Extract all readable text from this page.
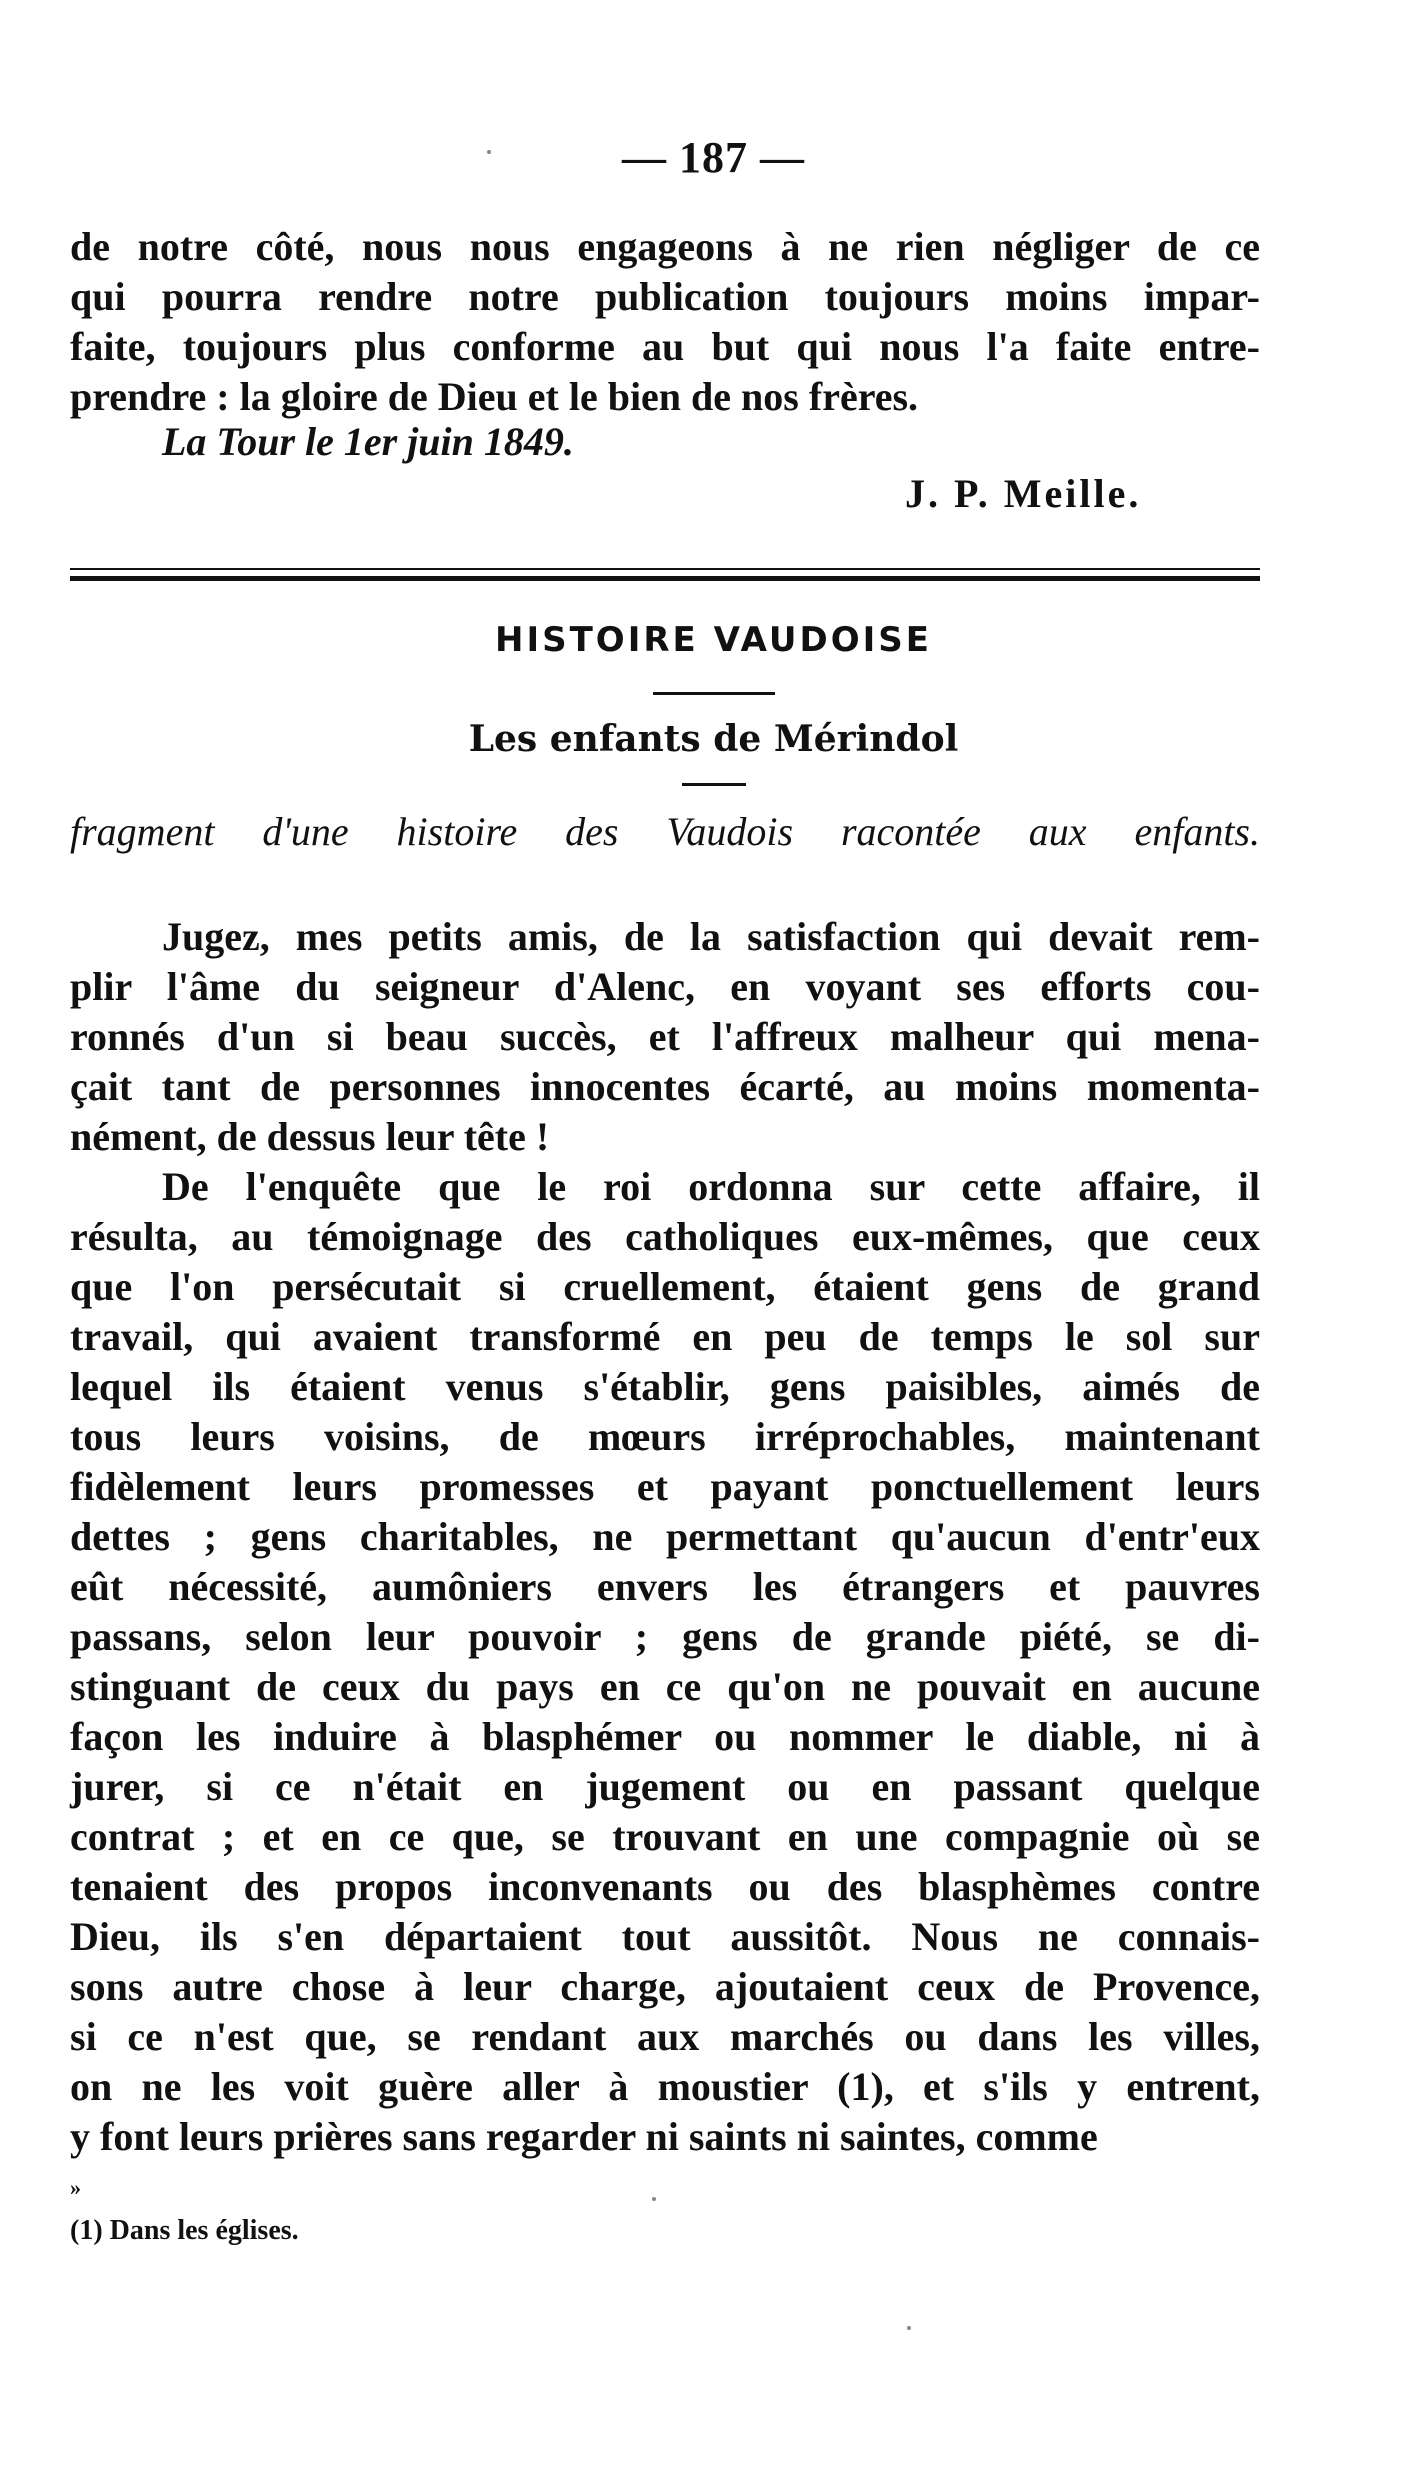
— 187 —
de notre côté, nous nous engageons à ne rien négliger de ce
qui pourra rendre notre publication toujours moins impar-
faite, toujours plus conforme au but qui nous l'a faite entre-
prendre : la gloire de Dieu et le bien de nos frères.
La Tour le 1er juin 1849.
J. P. Meille.
HISTOIRE VAUDOISE
Les enfants de Mérindol
fragment d'une histoire des Vaudois racontée aux enfants.
Jugez, mes petits amis, de la satisfaction qui devait rem-
plir l'âme du seigneur d'Alenc, en voyant ses efforts cou-
ronnés d'un si beau succès, et l'affreux malheur qui mena-
çait tant de personnes innocentes écarté, au moins momenta-
nément, de dessus leur tête !
De l'enquête que le roi ordonna sur cette affaire, il
résulta, au témoignage des catholiques eux-mêmes, que ceux
que l'on persécutait si cruellement, étaient gens de grand
travail, qui avaient transformé en peu de temps le sol sur
lequel ils étaient venus s'établir, gens paisibles, aimés de
tous leurs voisins, de mœurs irréprochables, maintenant
fidèlement leurs promesses et payant ponctuellement leurs
dettes ; gens charitables, ne permettant qu'aucun d'entr'eux
eût nécessité, aumôniers envers les étrangers et pauvres
passans, selon leur pouvoir ; gens de grande piété, se di-
stinguant de ceux du pays en ce qu'on ne pouvait en aucune
façon les induire à blasphémer ou nommer le diable, ni à
jurer, si ce n'était en jugement ou en passant quelque
contrat ; et en ce que, se trouvant en une compagnie où se
tenaient des propos inconvenants ou des blasphèmes contre
Dieu, ils s'en départaient tout aussitôt. Nous ne connais-
sons autre chose à leur charge, ajoutaient ceux de Provence,
si ce n'est que, se rendant aux marchés ou dans les villes,
on ne les voit guère aller à moustier (1), et s'ils y entrent,
y font leurs prières sans regarder ni saints ni saintes, comme
»
(1) Dans les églises.
